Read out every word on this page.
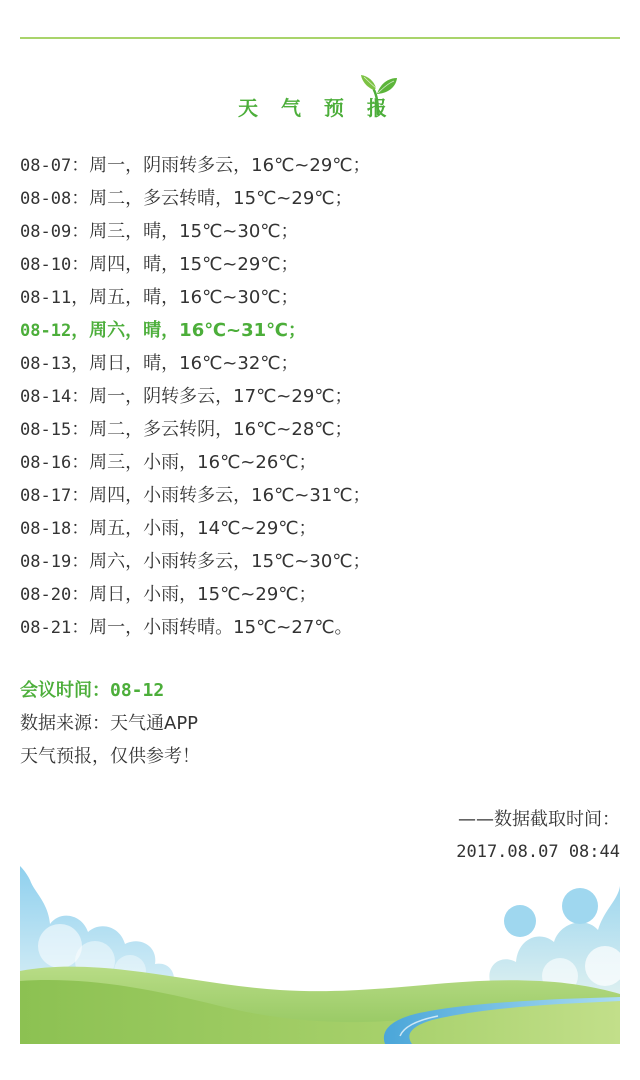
天 气 预 报
08-07：周一，阴雨转多云，16℃~29℃；
08-08：周二，多云转晴，15℃~29℃；
08-09：周三，晴，15℃~30℃；
08-10：周四，晴，15℃~29℃；
08-11，周五，晴，16℃~30℃；
08-12，周六，晴，16℃~31℃；
08-13，周日，晴，16℃~32℃；
08-14：周一，阴转多云，17℃~29℃；
08-15：周二，多云转阴，16℃~28℃；
08-16：周三，小雨，16℃~26℃；
08-17：周四，小雨转多云，16℃~31℃；
08-18：周五，小雨，14℃~29℃；
08-19：周六，小雨转多云，15℃~30℃；
08-20：周日，小雨，15℃~29℃；
08-21：周一，小雨转晴。15℃~27℃。
会议时间：08-12
数据来源：天气通APP
天气预报，仅供参考！
——数据截取时间：
2017.08.07 08:44
